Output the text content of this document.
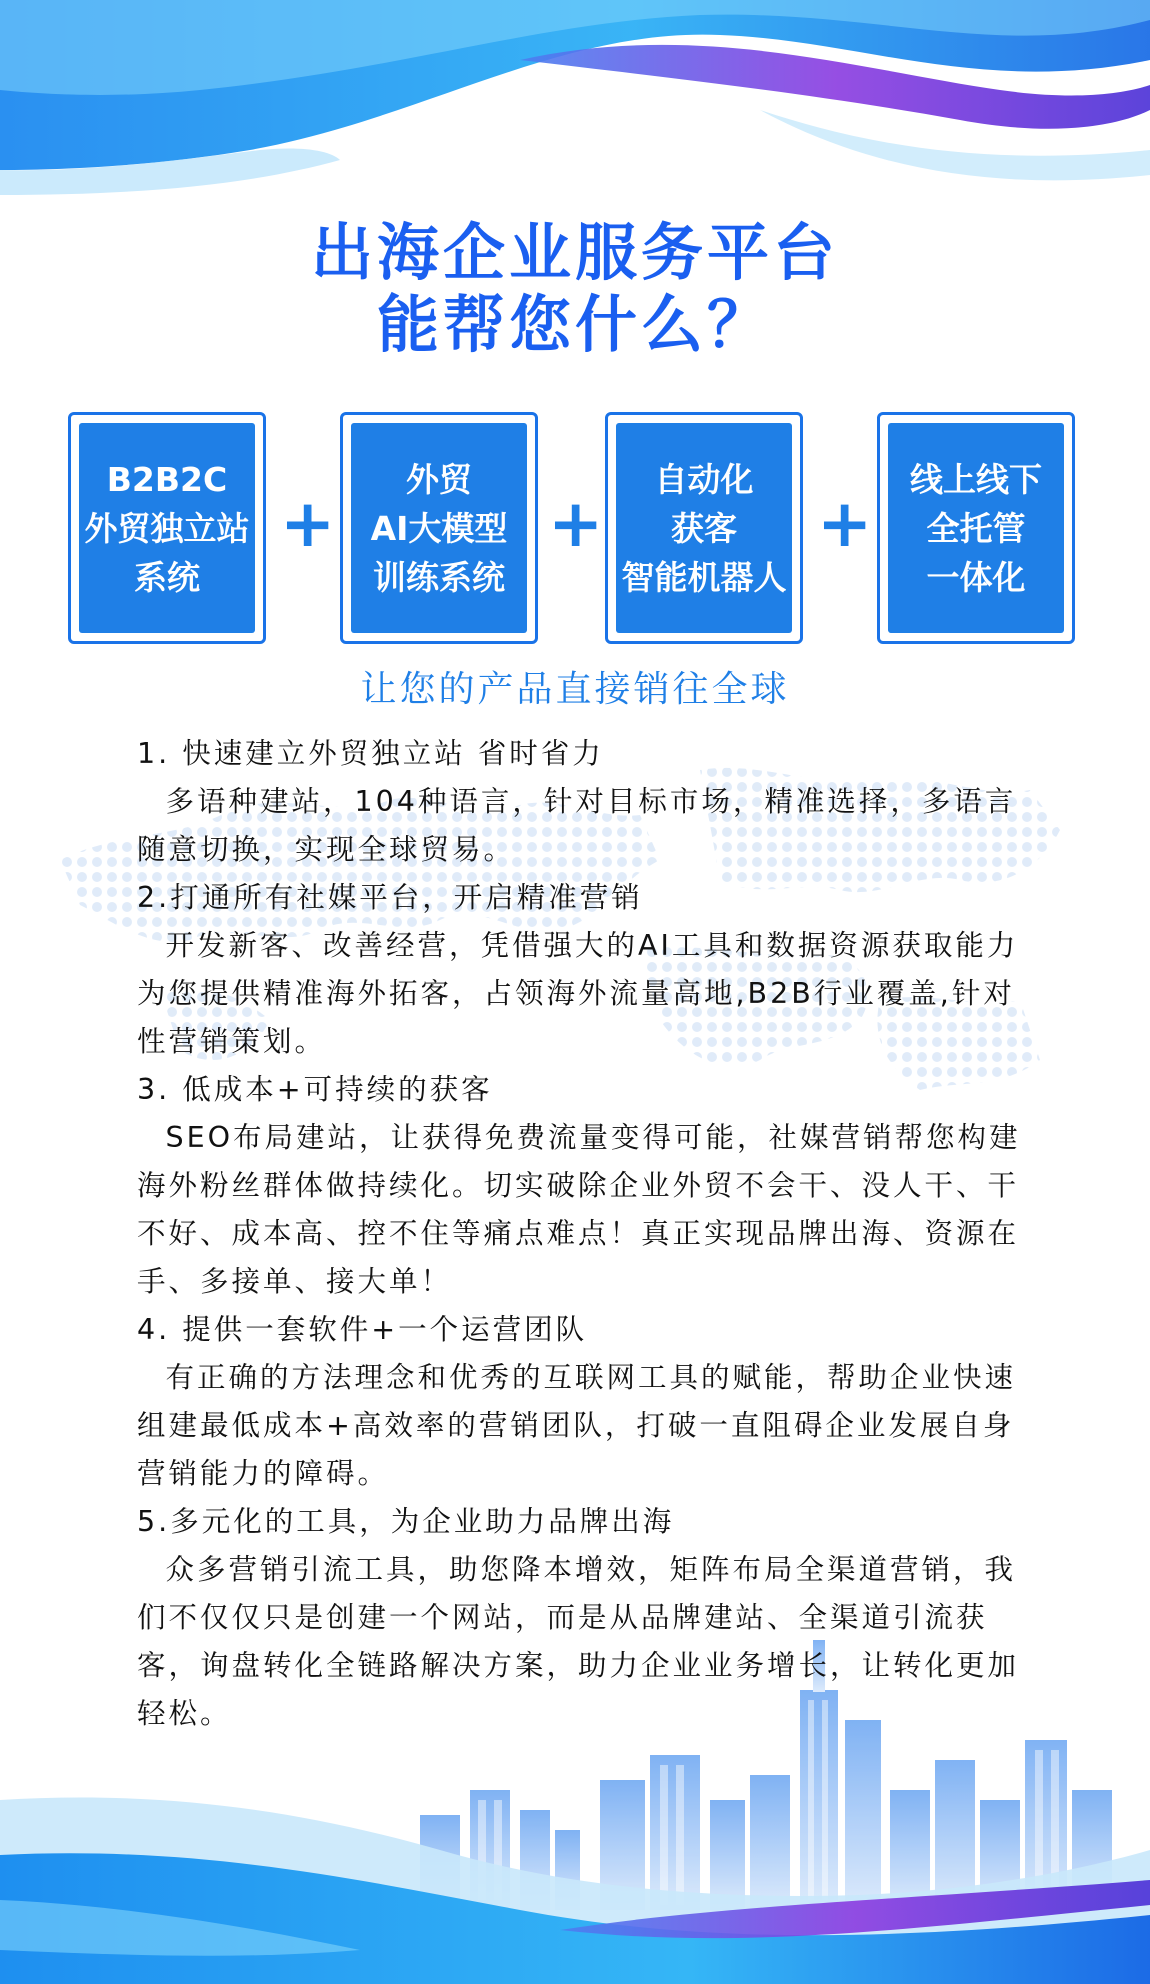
出海企业服务平台
能帮您什么？
B2B2C
外贸独立站
系统
+
外贸
AI大模型
训练系统
+
自动化
获客
智能机器人
+
线上线下
全托管
一体化
让您的产品直接销往全球

1. 快速建立外贸独立站 省时省力

多语种建站，104种语言，针对目标市场，精准选择，多语言随意切换，实现全球贸易。

2.打通所有社媒平台，开启精准营销

开发新客、改善经营，凭借强大的AI工具和数据资源获取能力为您提供精准海外拓客，占领海外流量高地,B2B行业覆盖,针对性营销策划。

3. 低成本+可持续的获客

SEO布局建站，让获得免费流量变得可能，社媒营销帮您构建海外粉丝群体做持续化。切实破除企业外贸不会干、没人干、干不好、成本高、控不住等痛点难点！真正实现品牌出海、资源在手、多接单、接大单！

4. 提供一套软件+一个运营团队

有正确的方法理念和优秀的互联网工具的赋能，帮助企业快速组建最低成本+高效率的营销团队，打破一直阻碍企业发展自身营销能力的障碍。

5.多元化的工具，为企业助力品牌出海

众多营销引流工具，助您降本增效，矩阵布局全渠道营销，我们不仅仅只是创建一个网站，而是从品牌建站、全渠道引流获客，询盘转化全链路解决方案，助力企业业务增长，让转化更加轻松。
